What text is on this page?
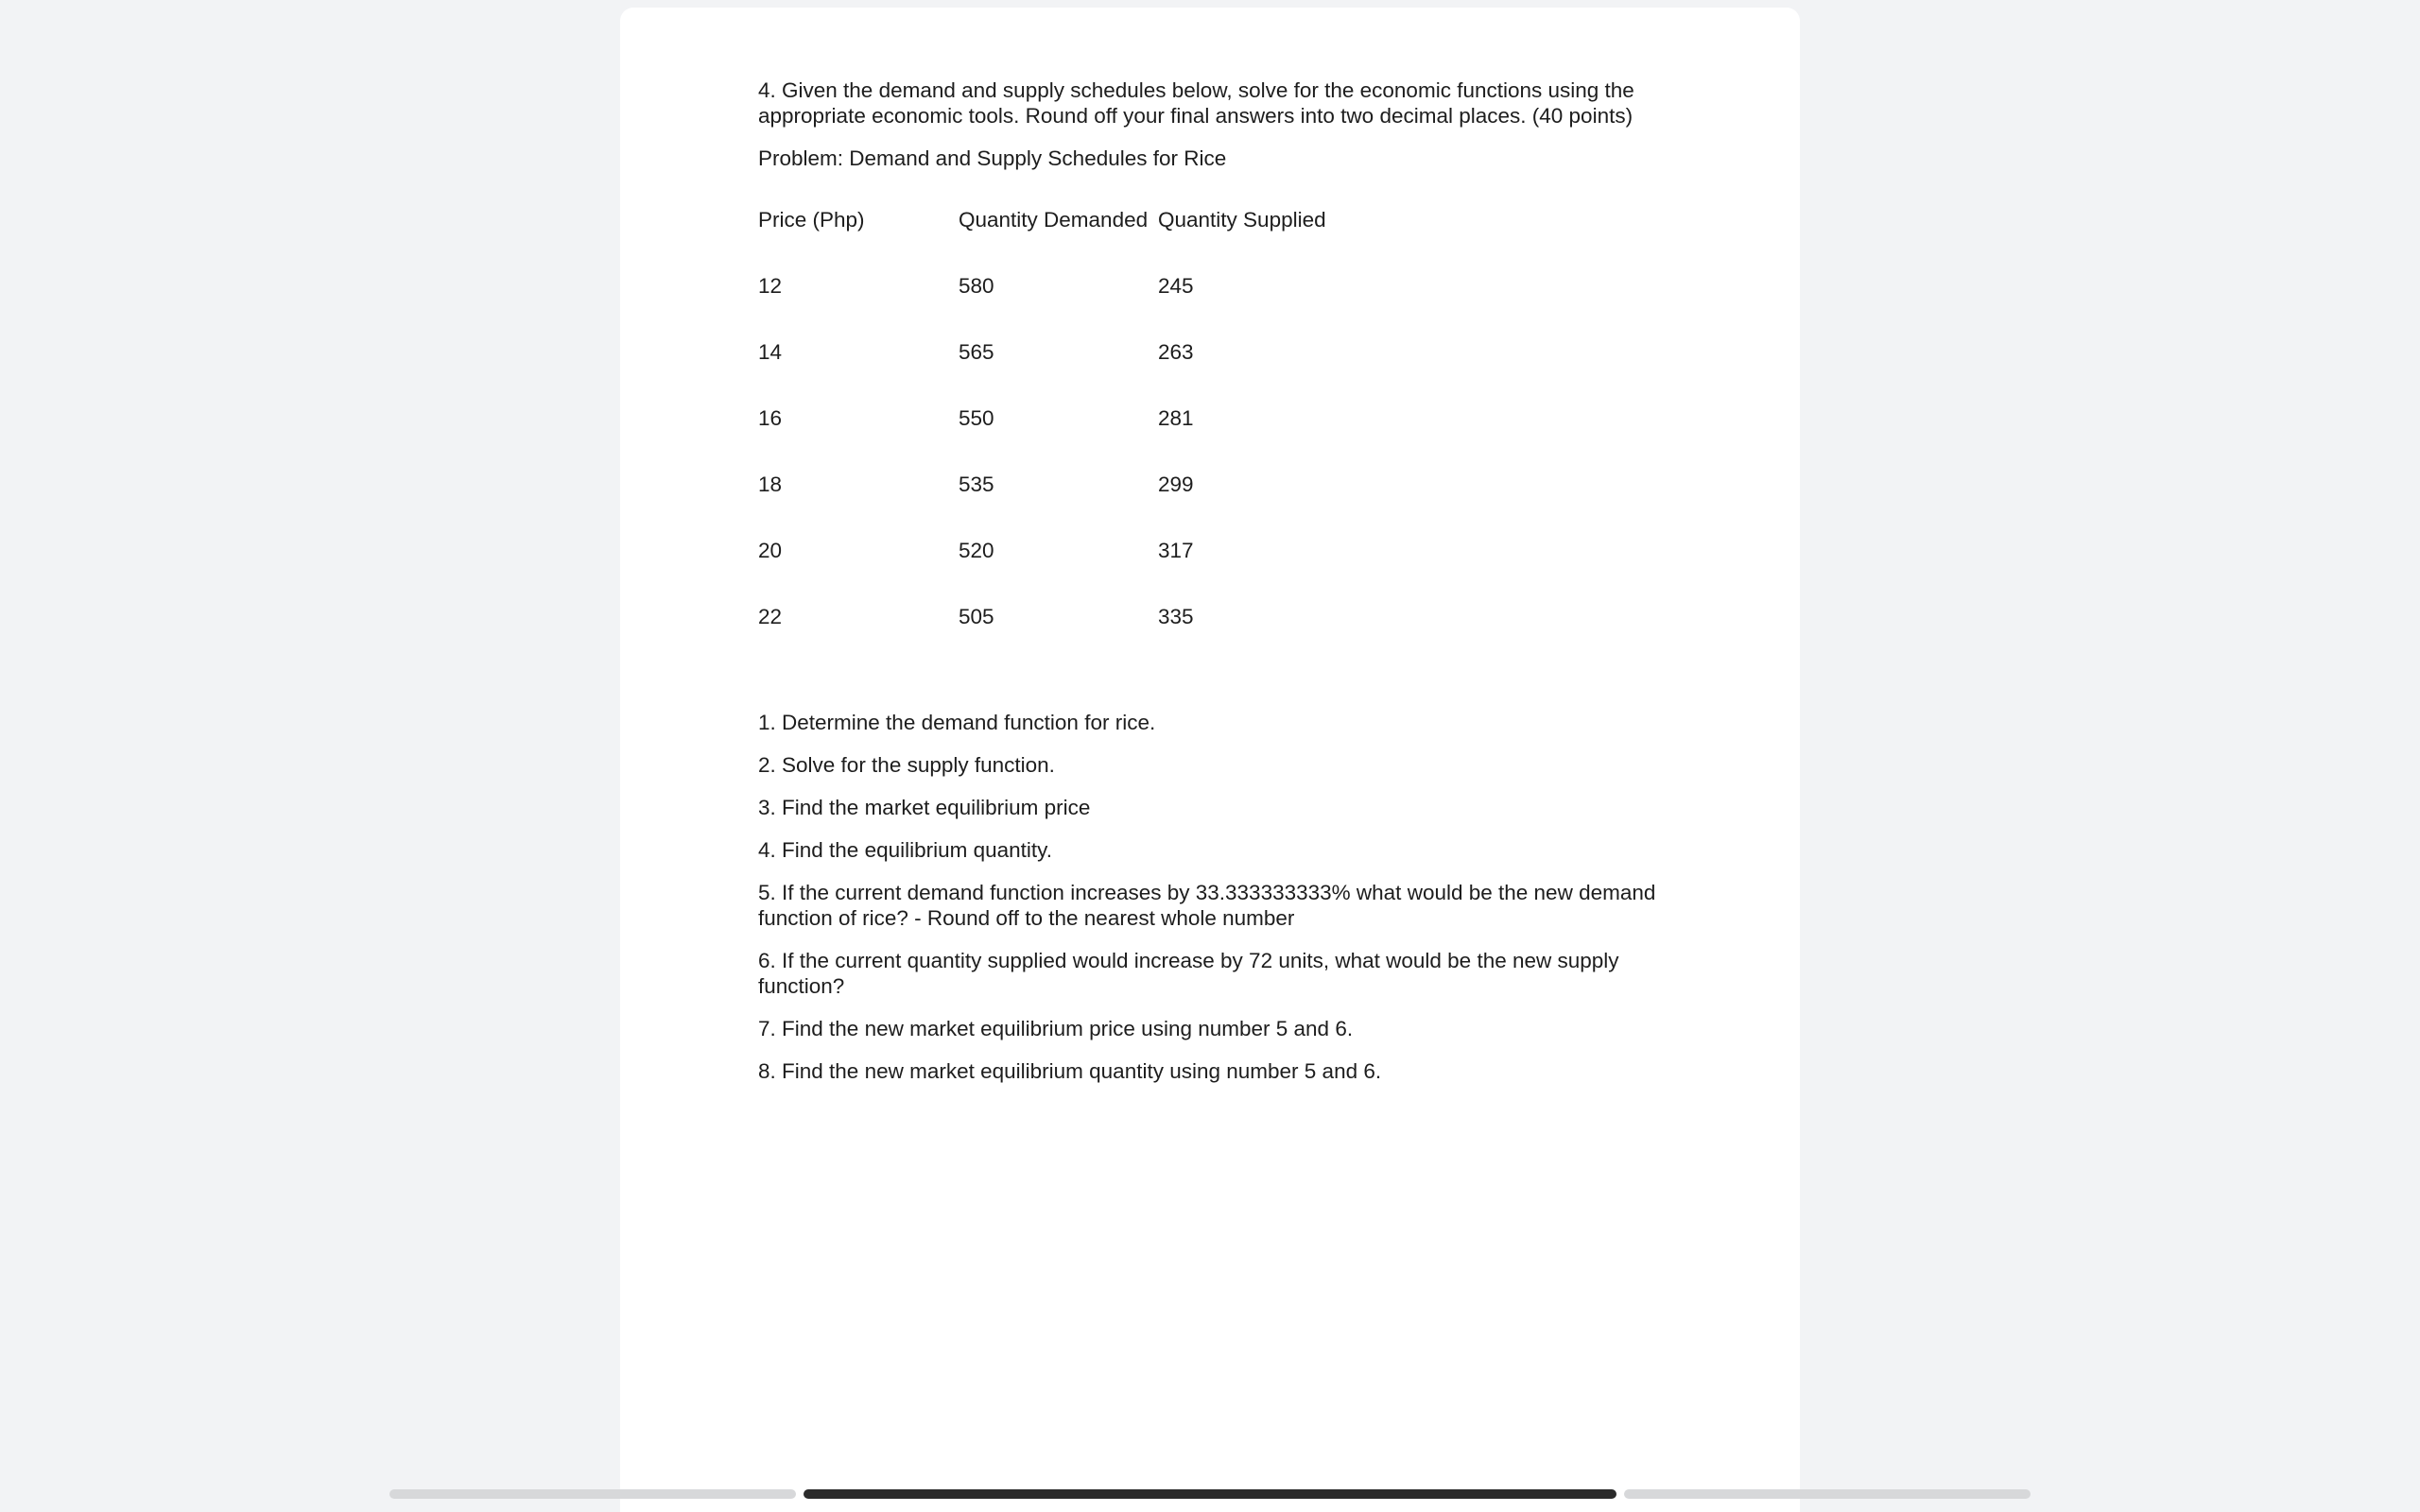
4. Given the demand and supply schedules below, solve for the economic functions using the appropriate economic tools. Round off your final answers into two decimal places. (40 points)

Problem: Demand and Supply Schedules for Rice

Price (Php)	Quantity Demanded	Quantity Supplied
12	580	245
14	565	263
16	550	281
18	535	299
20	520	317
22	505	335

1. Determine the demand function for rice.

2. Solve for the supply function.

3. Find the market equilibrium price

4. Find the equilibrium quantity.

5. If the current demand function increases by 33.333333333% what would be the new demand function of rice? - Round off to the nearest whole number

6. If the current quantity supplied would increase by 72 units, what would be the new supply function?

7. Find the new market equilibrium price using number 5 and 6.

8. Find the new market equilibrium quantity using number 5 and 6.
